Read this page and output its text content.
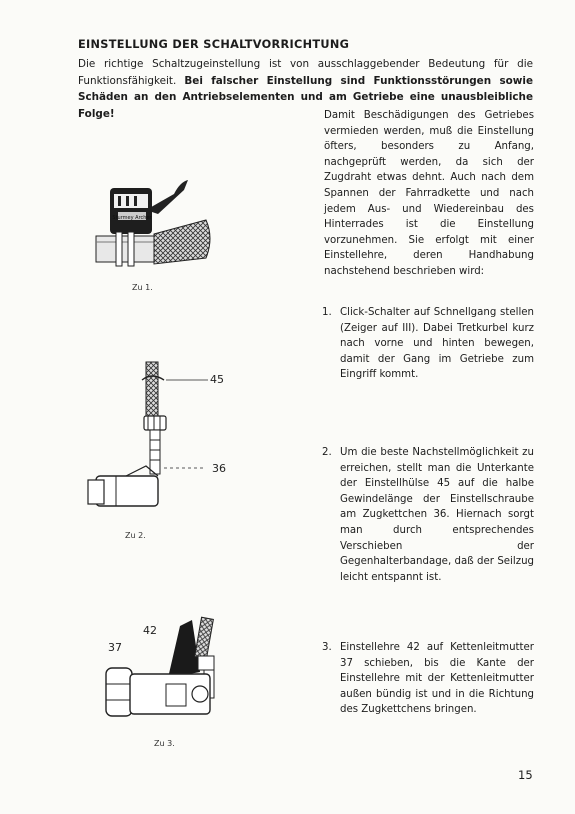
EINSTELLUNG DER SCHALTVORRICHTUNG

Die richtige Schaltzugeinstellung ist von ausschlaggebender Bedeutung für die Funktionsfähigkeit. Bei falscher Einstellung sind Funktionsstörungen sowie Schäden an den Antriebselementen und am Getriebe eine unausbleibliche Folge!	Damit Beschädigungen des Getriebes vermieden werden, muß die Einstellung öfters, besonders zu Anfang, nachgeprüft werden, da sich der Zugdraht etwas dehnt. Auch nach dem Spannen der Fahrradkette und nach jedem Aus- und Wiedereinbau des Hinterrades ist die Einstellung vorzunehmen. Sie erfolgt mit einer Einstellehre, deren Handhabung nachstehend beschrieben wird:

Sturmey Archer
Zu 1.
1. Click-Schalter auf Schnellgang stellen (Zeiger auf III). Dabei Tretkurbel kurz nach vorne und hinten bewegen, damit der Gang im Getriebe zum Eingriff kommt.

45
36
Zu 2.
2. Um die beste Nachstellmöglichkeit zu erreichen, stellt man die Unterkante der Einstellhülse 45 auf die halbe Gewindelänge der Einstellschraube am Zugkettchen 36. Hiernach sorgt man durch entsprechendes Verschieben der Gegenhalterbandage, daß der Seilzug leicht entspannt ist.

42
37
Zu 3.
3. Einstellehre 42 auf Kettenleitmutter 37 schieben, bis die Kante der Einstellehre mit der Kettenleitmutter außen bündig ist und in die Richtung des Zugkettchens bringen.

15
